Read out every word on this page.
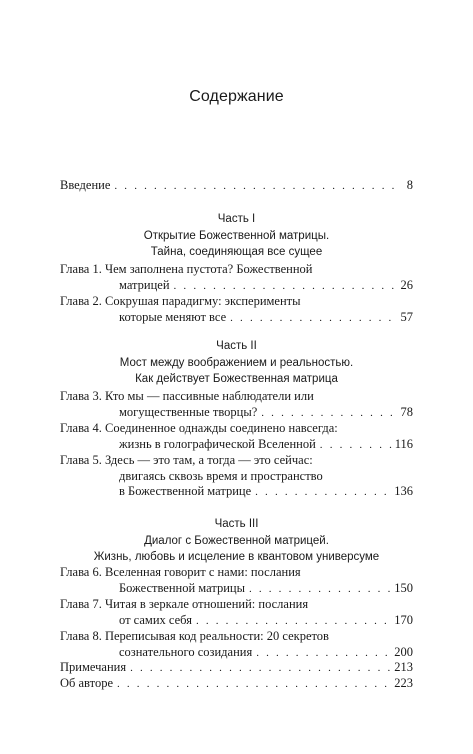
Содержание
Введение . . .	8
Часть I
Открытие Божественной матрицы.
Тайна, соединяющая все сущее
Глава 1.
Чем заполнена пустота? Божественной
матрицей . . .	26
Глава 2.
Сокрушая парадигму: эксперименты
которые меняют все . . .	57
Часть II
Мост между воображением и реальностью.
Как действует Божественная матрица
Глава 3.
Кто мы — пассивные наблюдатели или
могущественные творцы? . . .	78
Глава 4.
Соединенное однажды соединено навсегда:
жизнь в голографической Вселенной . . .	116
Глава 5.
Здесь — это там, а тогда — это сейчас:
двигаясь сквозь время и пространство
в Божественной матрице . . .	136
Часть III
Диалог с Божественной матрицей.
Жизнь, любовь и исцеление в квантовом универсуме
Глава 6.
Вселенная говорит с нами: послания
Божественной матрицы . . .	150
Глава 7.
Читая в зеркале отношений: послания
от самих себя . . .	170
Глава 8.
Переписывая код реальности: 20 секретов
сознательного созидания . . .	200
Примечания . . .	213
Об авторе . . .	223
